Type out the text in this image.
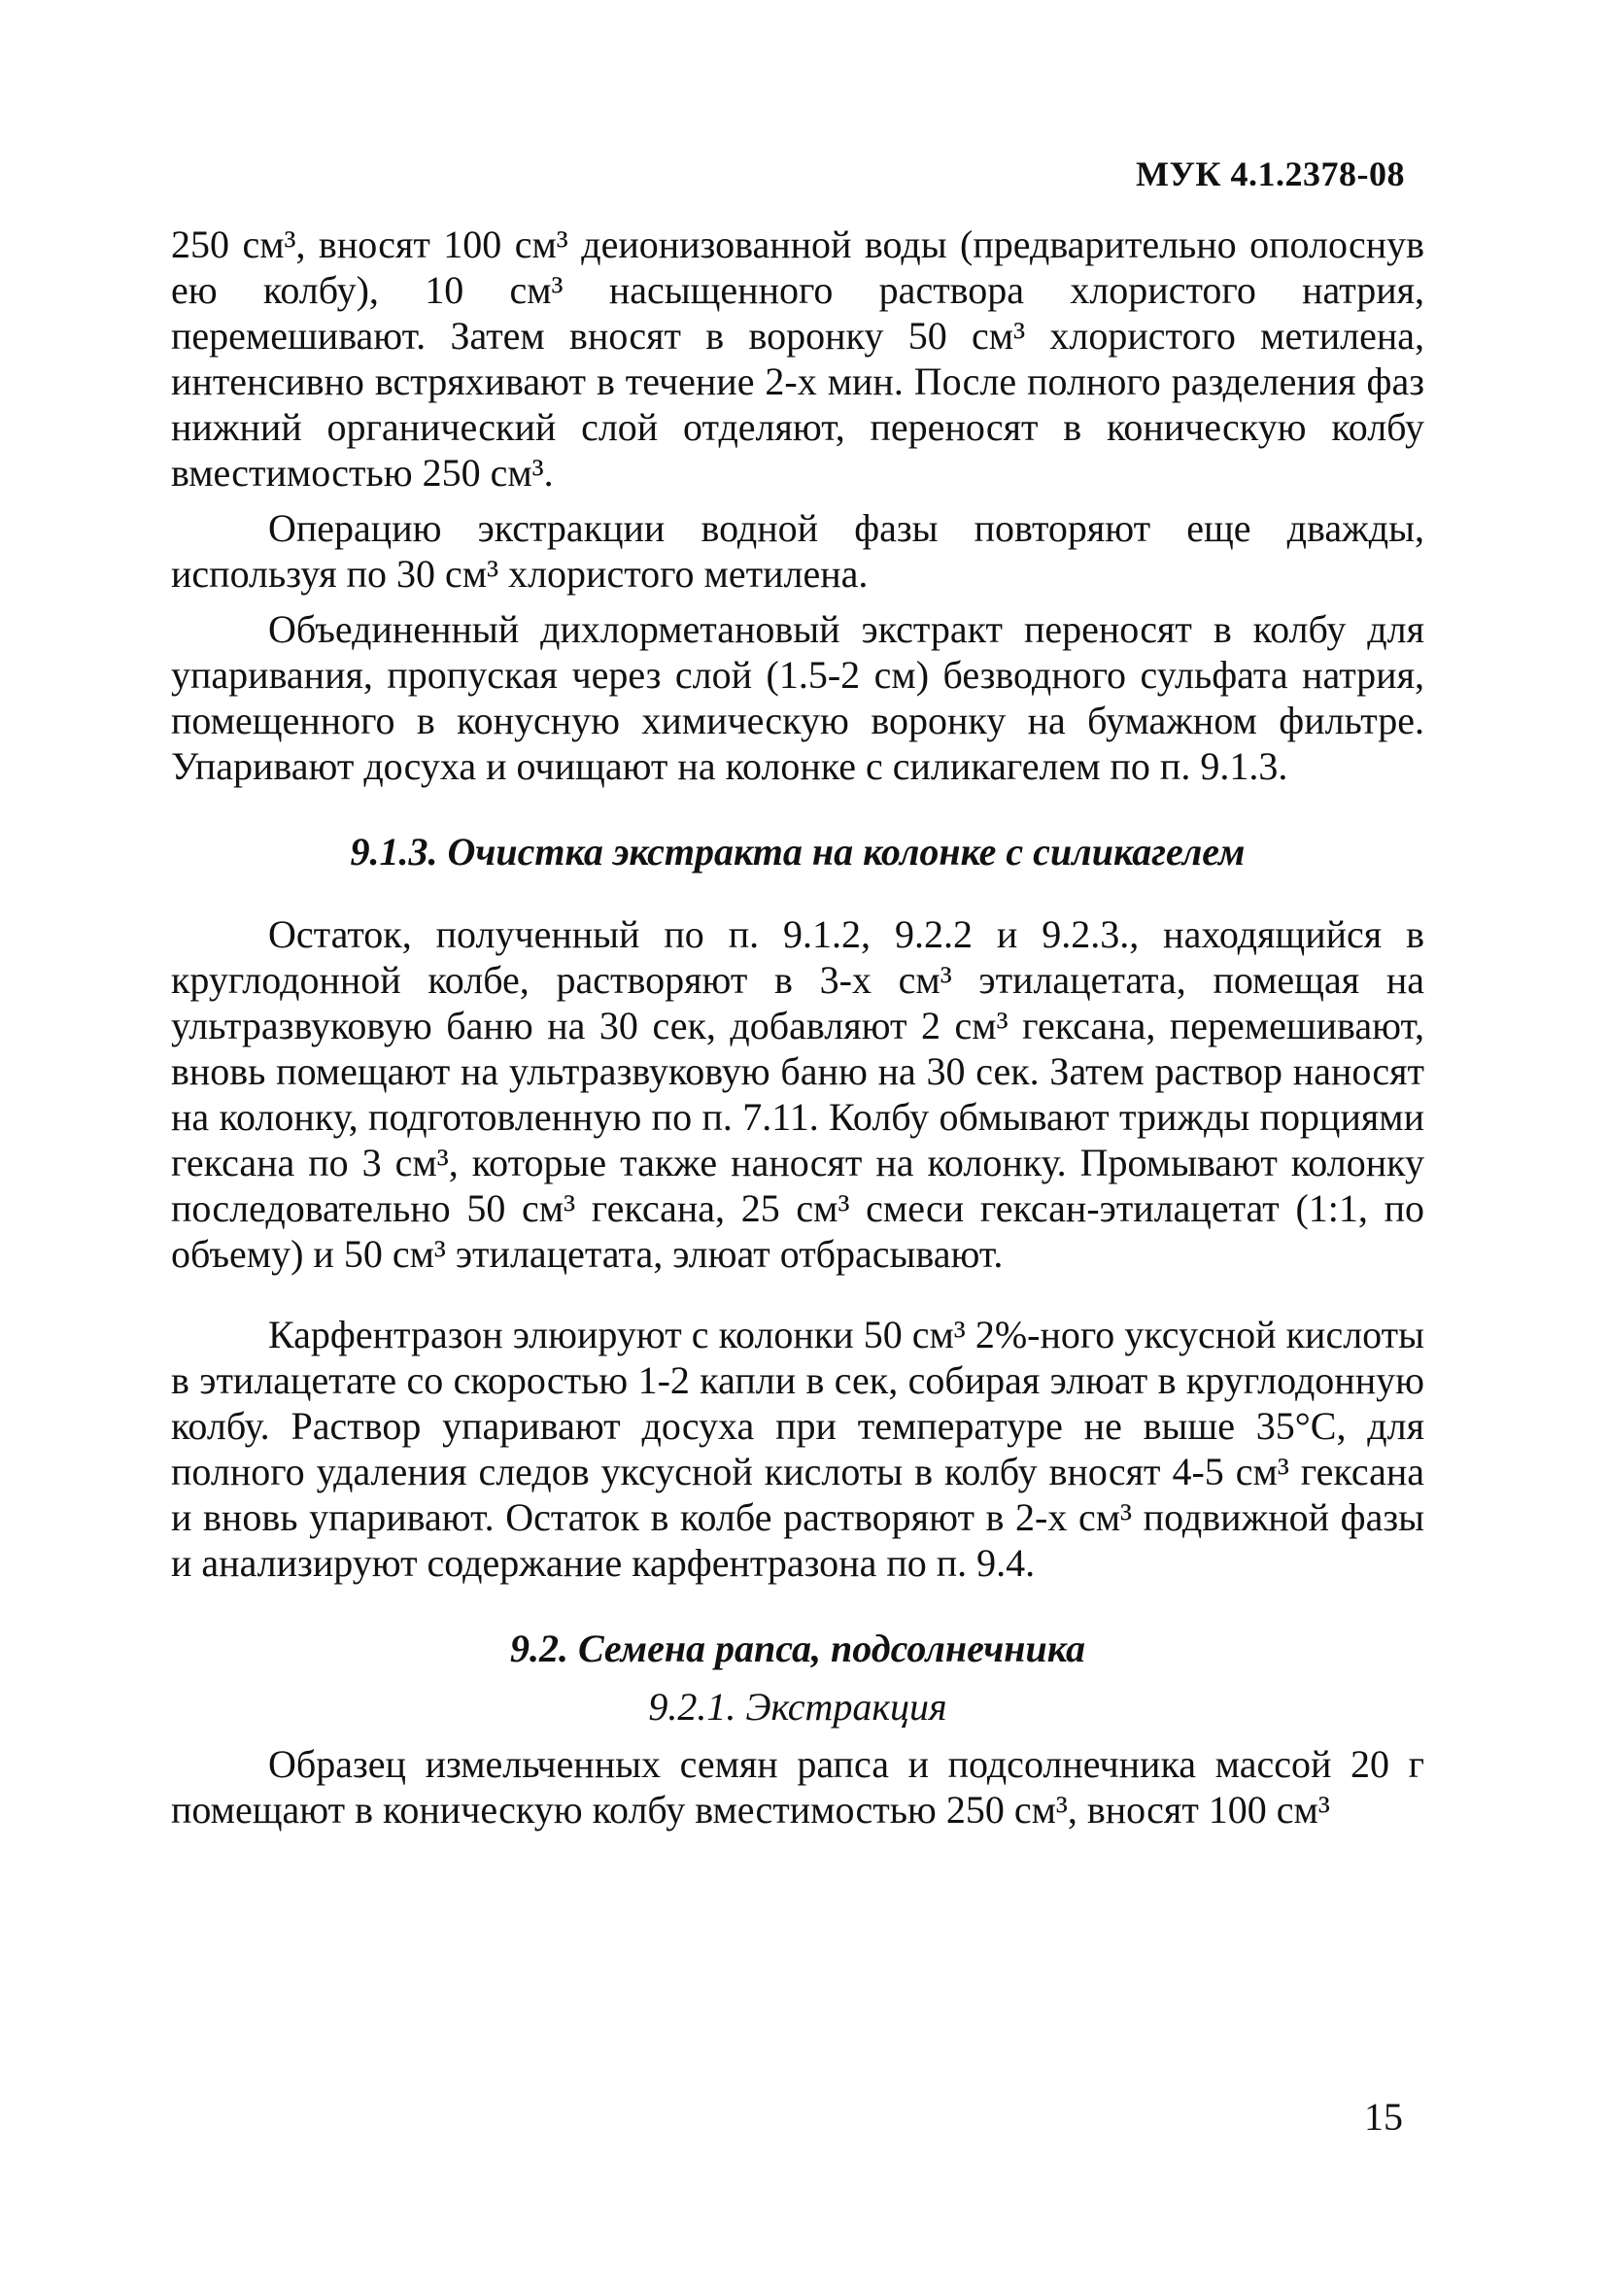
МУК 4.1.2378-08

250 см³, вносят 100 см³ деионизованной воды (предварительно ополоснув ею колбу), 10 см³ насыщенного раствора хлористого натрия, перемешивают. Затем вносят в воронку 50 см³ хлористого метилена, интенсивно встряхивают в течение 2-х мин. После полного разделения фаз нижний органический слой отделяют, переносят в коническую колбу вместимостью 250 см³.

Операцию экстракции водной фазы повторяют еще дважды, используя по 30 см³ хлористого метилена.

Объединенный дихлорметановый экстракт переносят в колбу для упаривания, пропуская через слой (1.5-2 см) безводного сульфата натрия, помещенного в конусную химическую воронку на бумажном фильтре. Упаривают досуха и очищают на колонке с силикагелем по п. 9.1.3.

9.1.3. Очистка экстракта на колонке с силикагелем

Остаток, полученный по п. 9.1.2, 9.2.2 и 9.2.3., находящийся в круглодонной колбе, растворяют в 3-х см³ этилацетата, помещая на ультразвуковую баню на 30 сек, добавляют 2 см³ гексана, перемешивают, вновь помещают на ультразвуковую баню на 30 сек. Затем раствор наносят на колонку, подготовленную по п. 7.11. Колбу обмывают трижды порциями гексана по 3 см³, которые также наносят на колонку. Промывают колонку последовательно 50 см³ гексана, 25 см³ смеси гексан-этилацетат (1:1, по объему) и 50 см³ этилацетата, элюат отбрасывают.

Карфентразон элюируют с колонки 50 см³ 2%-ного уксусной кислоты в этилацетате со скоростью 1-2 капли в сек, собирая элюат в круглодонную колбу. Раствор упаривают досуха при температуре не выше 35°С, для полного удаления следов уксусной кислоты в колбу вносят 4-5 см³ гексана и вновь упаривают. Остаток в колбе растворяют в 2-х см³ подвижной фазы и анализируют содержание карфентразона по п. 9.4.

9.2. Семена рапса, подсолнечника

9.2.1. Экстракция

Образец измельченных семян рапса и подсолнечника массой 20 г помещают в коническую колбу вместимостью 250 см³, вносят 100 см³

15
